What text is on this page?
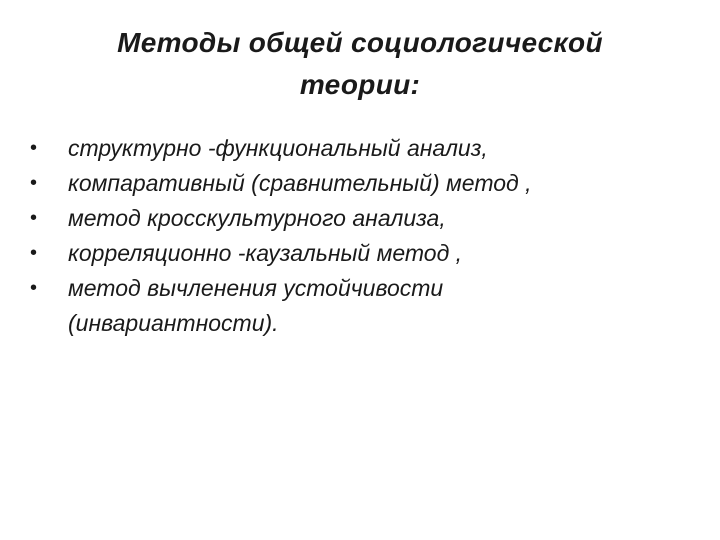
Методы общей социологической
теории:
•	структурно ‑функциональный анализ,
•	компаративный (сравнительный) метод ,
•	метод кросскультурного анализа,
•	корреляционно ‑каузальный метод ,
•	метод вычленения устойчивости (инвариантности).
